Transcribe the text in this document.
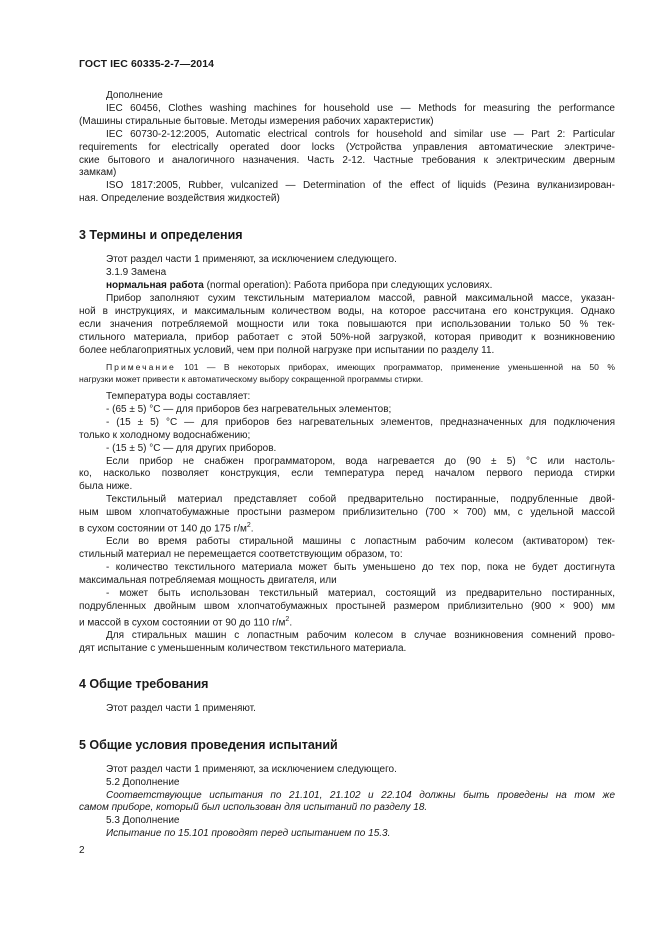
ГОСТ IEC 60335-2-7—2014

Дополнение

IEC 60456, Clothes washing machines for household use — Methods for measuring the performance

(Машины стиральные бытовые. Методы измерения рабочих характеристик)

IEC 60730-2-12:2005, Automatic electrical controls for household and similar use — Part 2: Particular

requirements for electrically operated door locks (Устройства управления автоматические электриче-

ские бытового и аналогичного назначения. Часть 2-12. Частные требования к электрическим дверным

замкам)

ISO 1817:2005, Rubber, vulcanized — Determination of the effect of liquids (Резина вулканизирован-

ная. Определение воздействия жидкостей)

3 Термины и определения

Этот раздел части 1 применяют, за исключением следующего.

3.1.9 Замена

нормальная работа (normal operation): Работа прибора при следующих условиях.

Прибор заполняют сухим текстильным материалом массой, равной максимальной массе, указан-

ной в инструкциях, и максимальным количеством воды, на которое рассчитана его конструкция. Однако

если значения потребляемой мощности или тока повышаются при использовании только 50 % тек-

стильного материала, прибор работает с этой 50%-ной загрузкой, которая приводит к возникновению

более неблагоприятных условий, чем при полной нагрузке при испытании по разделу 11.

Примечание 101 — В некоторых приборах, имеющих программатор, применение уменьшенной на 50 %

нагрузки может привести к автоматическому выбору сокращенной программы стирки.

Температура воды составляет:

- (65 ± 5) °С — для приборов без нагревательных элементов;

- (15 ± 5) °С — для приборов без нагревательных элементов, предназначенных для подключения

только к холодному водоснабжению;

- (15 ± 5) °С — для других приборов.

Если прибор не снабжен программатором, вода нагревается до (90 ± 5) °С или настоль-

ко, насколько позволяет конструкция, если температура перед началом первого периода стирки

была ниже.

Текстильный материал представляет собой предварительно постиранные, подрубленные двой-

ным швом хлопчатобумажные простыни размером приблизительно (700 × 700) мм, с удельной массой

в сухом состоянии от 140 до 175 $г/м^2$.

Если во время работы стиральной машины с лопастным рабочим колесом (активатором) тек-

стильный материал не перемещается соответствующим образом, то:

- количество текстильного материала может быть уменьшено до тех пор, пока не будет достигнута

максимальная потребляемая мощность двигателя, или

- может быть использован текстильный материал, состоящий из предварительно постиранных,

подрубленных двойным швом хлопчатобумажных простыней размером приблизительно (900 × 900) мм

и массой в сухом состоянии от 90 до 110 $г/м^2$.

Для стиральных машин с лопастным рабочим колесом в случае возникновения сомнений прово-

дят испытание с уменьшенным количеством текстильного материала.

4 Общие требования

Этот раздел части 1 применяют.

5 Общие условия проведения испытаний

Этот раздел части 1 применяют, за исключением следующего.

5.2 Дополнение

Соответствующие испытания по 21.101, 21.102 и 22.104 должны быть проведены на том же

самом приборе, который был использован для испытаний по разделу 18.

5.3 Дополнение

Испытание по 15.101 проводят перед испытанием по 15.3.

2
